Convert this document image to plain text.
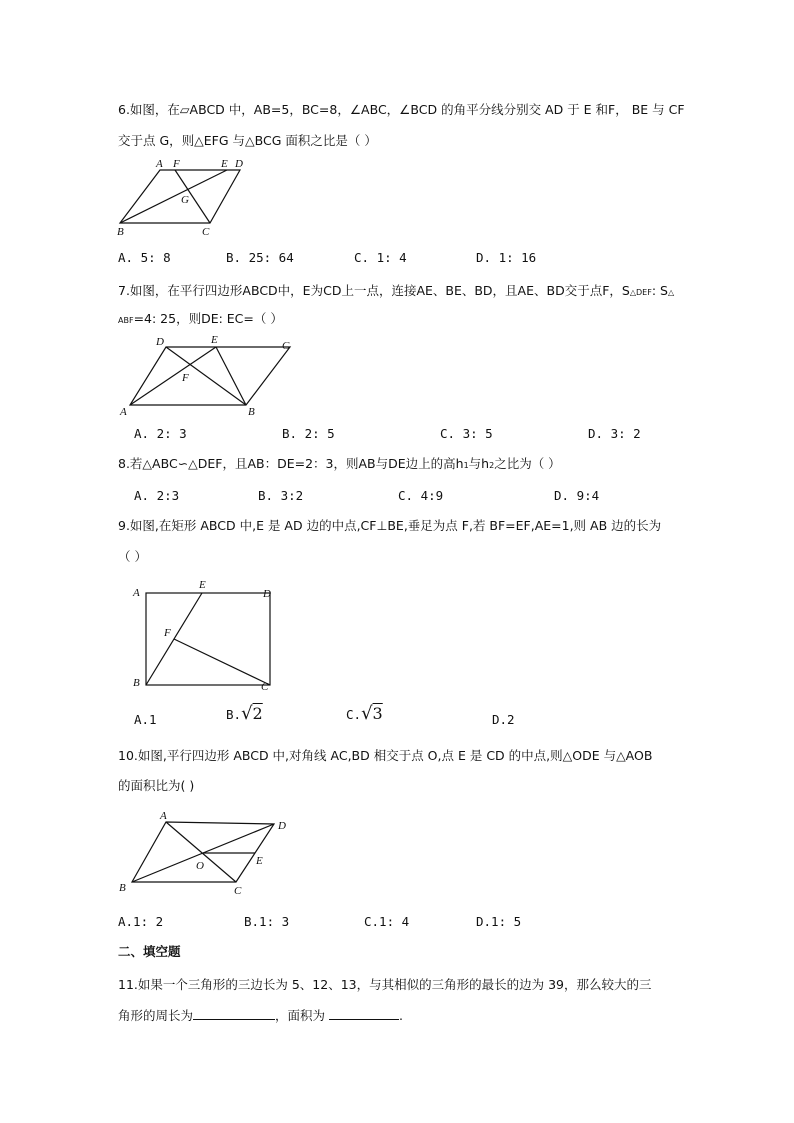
6.如图，在▱ABCD 中，AB=5，BC=8，∠ABC，∠BCD 的角平分线分别交 AD 于 E 和F， BE 与 CF
交于点 G，则△EFG 与△BCG 面积之比是（ ）
A F	E D
G
B	C
A. 5: 8	B. 25: 64	C. 1: 4	D. 1: 16
7.如图，在平行四边形ABCD中，E为CD上一点，连接AE、BE、BD，且AE、BD交于点F，S△DEF: S△
ABF=4: 25，则DE: EC=（ ）
D	E	C
F
A	B
A. 2: 3	B. 2: 5	C. 3: 5	D. 3: 2
8.若△ABC∽△DEF，且AB：DE=2：3，则AB与DE边上的高h1与h2之比为（ ）
A. 2:3	B. 3:2	C. 4:9	D. 9:4
9.如图,在矩形 ABCD 中,E 是 AD 边的中点,CF⊥BE,垂足为点 F,若 BF=EF,AE=1,则 AB 边的长为
（ ）
A
E
D
F
B	C
A.1	B.√2	C.√3	D.2
10.如图,平行四边形 ABCD 中,对角线 AC,BD 相交于点 O,点 E 是 CD 的中点,则△ODE 与△AOB
的面积比为( )
A
D
O	E
B	C
A.1: 2	B.1: 3	C.1: 4	D.1: 5
二、填空题
11.如果一个三角形的三边长为 5、12、13，与其相似的三角形的最长的边为 39，那么较大的三
角形的周长为	，面积为	.
